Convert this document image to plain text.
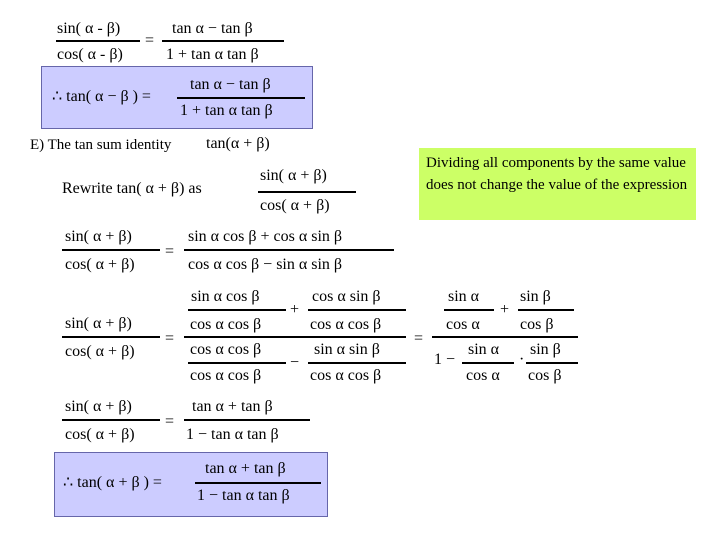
sin( α - β)
cos( α - β)
=
tan α − tan β
1 + tan α tan β
∴ tan( α − β ) =
tan α − tan β
1 + tan α tan β
E) The tan sum identity tan(α + β)
Rewrite tan( α + β) as
sin( α + β)
cos( α + β)
Dividing all components by the same value does not change the value of the expression
sin( α + β)
cos( α + β)
=
sin α cos β + cos α sin β
cos α cos β − sin α sin β
sin( α + β)
cos( α + β)
=
sin α cos β
cos α cos β
+
cos α sin β
cos α cos β
cos α cos β
cos α cos β
−
sin α sin β
cos α cos β
=
sin α
cos α
+
sin β
cos β
1 −
sin α
cos α
·
sin β
cos β
sin( α + β)
cos( α + β)
=
tan α + tan β
1 − tan α tan β
∴ tan( α + β ) =
tan α + tan β
1 − tan α tan β
